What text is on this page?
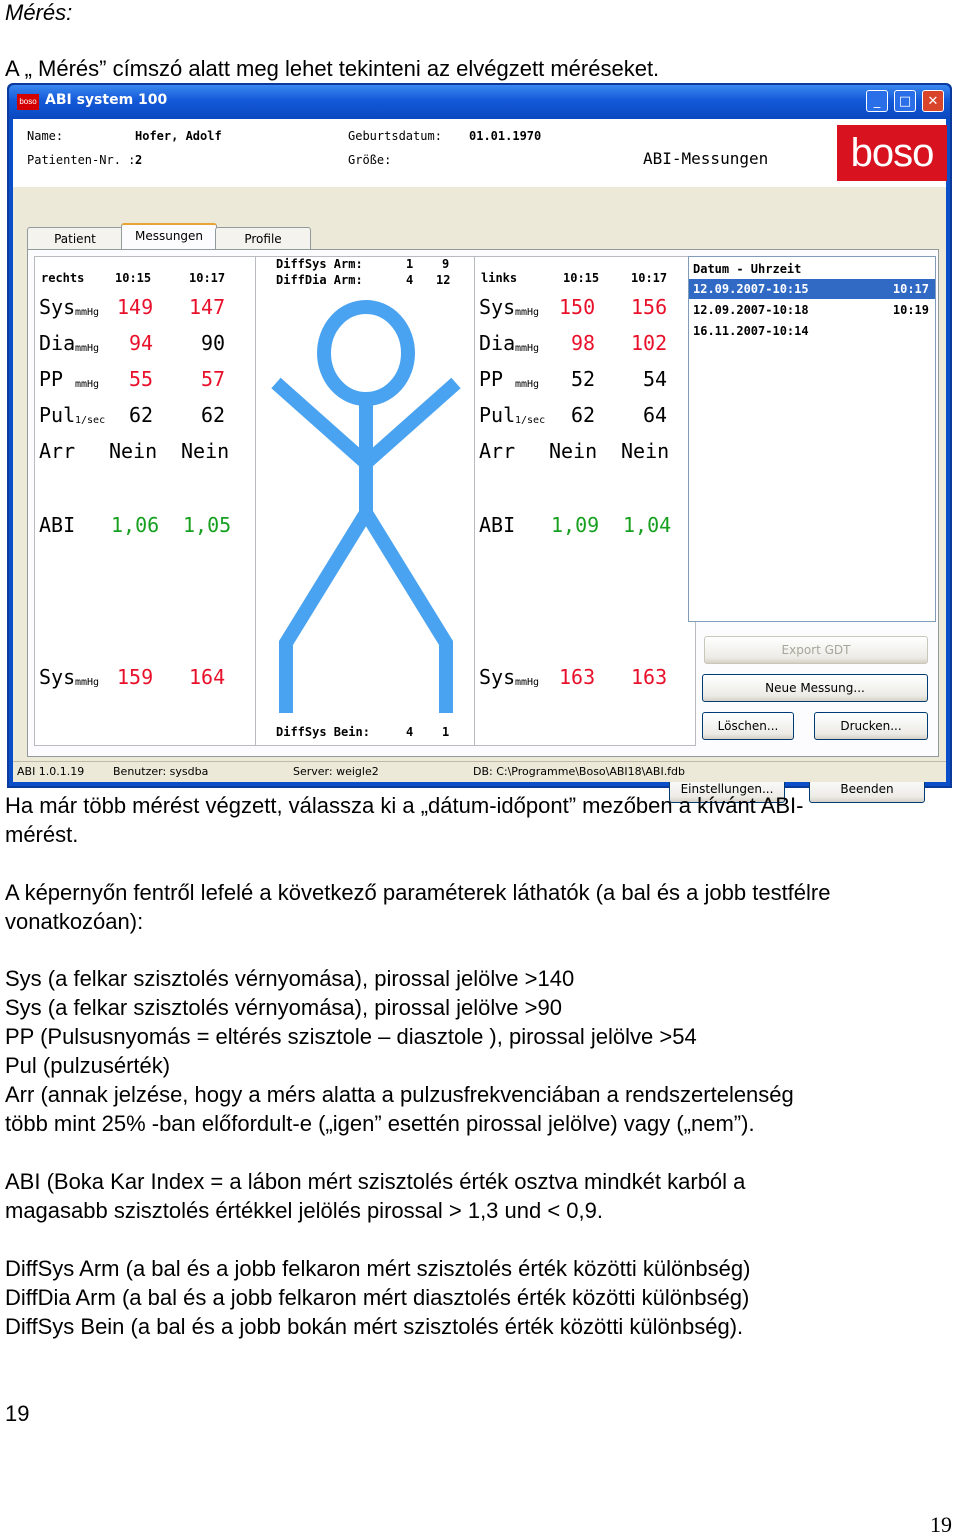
Mérés:
A „ Mérés” címszó alatt meg lehet tekinteni az elvégzett méréseket.
boso ABI system 100	_	□	✕
Name:	Hofer, Adolf
Patienten-Nr. : 2
Geburtsdatum: 01.01.1970
Größe:	ABI-Messungen	boso
Patient	Messungen	Profile
rechts	10:15	10:17
Sys mmHg 149 147
Dia mmHg 94 90
PP mmHg 55 57
Pul 1/sec 62 62
Arr Nein Nein
ABI 1,06 1,05
Sys mmHg 159 164
DiffSys Arm:	1 9
DiffDia Arm:	4 12
DiffSys Bein:	4 1
links	10:15	10:17
Sys mmHg 150 156
Dia mmHg 98 102
PP mmHg 52 54
Pul 1/sec 62 64
Arr Nein Nein
ABI 1,09 1,04
Sys mmHg 163 163
Datum - Uhrzeit
12.09.2007-10:15	10:17
12.09.2007-10:18	10:19
16.11.2007-10:14
Export GDT
Neue Messung...
Löschen...	Drucken...
Einstellungen...	Beenden
ABI 1.0.1.19	Benutzer: sysdba	Server: weigle2	DB: C:\Programme\Boso\ABI18\ABI.fdb
Ha már több mérést végzett, válassza ki a „dátum-időpont” mezőben a kívánt ABI-
mérést.
A képernyőn fentről lefelé a következő paraméterek láthatók (a bal és a jobb testfélre
vonatkozóan):
Sys (a felkar szisztolés vérnyomása), pirossal jelölve >140
Sys (a felkar szisztolés vérnyomása), pirossal jelölve >90
PP (Pulsusnyomás = eltérés szisztole – diasztole ), pirossal jelölve >54
Pul (pulzusérték)
Arr (annak jelzése, hogy a mérs alatta a pulzusfrekvenciában a rendszertelenség
több mint 25% -ban előfordult-e („igen” esettén pirossal jelölve) vagy („nem”).
ABI (Boka Kar Index = a lábon mért szisztolés érték osztva mindkét karból a
magasabb szisztolés értékkel jelölés pirossal > 1,3 und < 0,9.
DiffSys Arm (a bal és a jobb felkaron mért szisztolés érték közötti különbség)
DiffDia Arm (a bal és a jobb felkaron mért diasztolés érték közötti különbség)
DiffSys Bein (a bal és a jobb bokán mért szisztolés érték közötti különbség).
19
19
